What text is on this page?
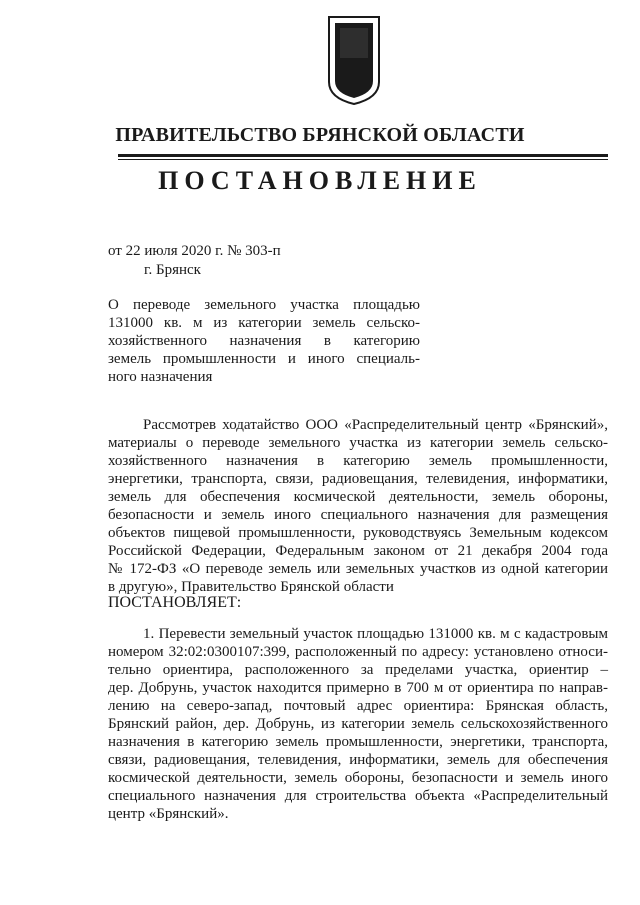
ПРАВИТЕЛЬСТВО БРЯНСКОЙ ОБЛАСТИ
ПОСТАНОВЛЕНИЕ
от 22 июля 2020 г. № 303-п
г. Брянск
О переводе земельного участка площадью
131000 кв. м из категории земель сельско-
хозяйственного назначения в категорию
земель промышленности и иного специаль-
ного назначения
Рассмотрев ходатайство ООО «Распределительный центр «Брянский»,
материалы о переводе земельного участка из категории земель сельско-
хозяйственного назначения в категорию земель промышленности,
энергетики, транспорта, связи, радиовещания, телевидения, информатики,
земель для обеспечения космической деятельности, земель обороны,
безопасности и земель иного специального назначения для размещения
объектов пищевой промышленности, руководствуясь Земельным кодексом
Российской Федерации, Федеральным законом от 21 декабря 2004 года
№ 172-ФЗ «О переводе земель или земельных участков из одной категории
в другую», Правительство Брянской области
ПОСТАНОВЛЯЕТ:
1. Перевести земельный участок площадью 131000 кв. м с кадастровым
номером 32:02:0300107:399, расположенный по адресу: установлено относи-
тельно ориентира, расположенного за пределами участка, ориентир –
дер. Добрунь, участок находится примерно в 700 м от ориентира по направ-
лению на северо-запад, почтовый адрес ориентира: Брянская область,
Брянский район, дер. Добрунь, из категории земель сельскохозяйственного
назначения в категорию земель промышленности, энергетики, транспорта,
связи, радиовещания, телевидения, информатики, земель для обеспечения
космической деятельности, земель обороны, безопасности и земель иного
специального назначения для строительства объекта «Распределительный
центр «Брянский».
